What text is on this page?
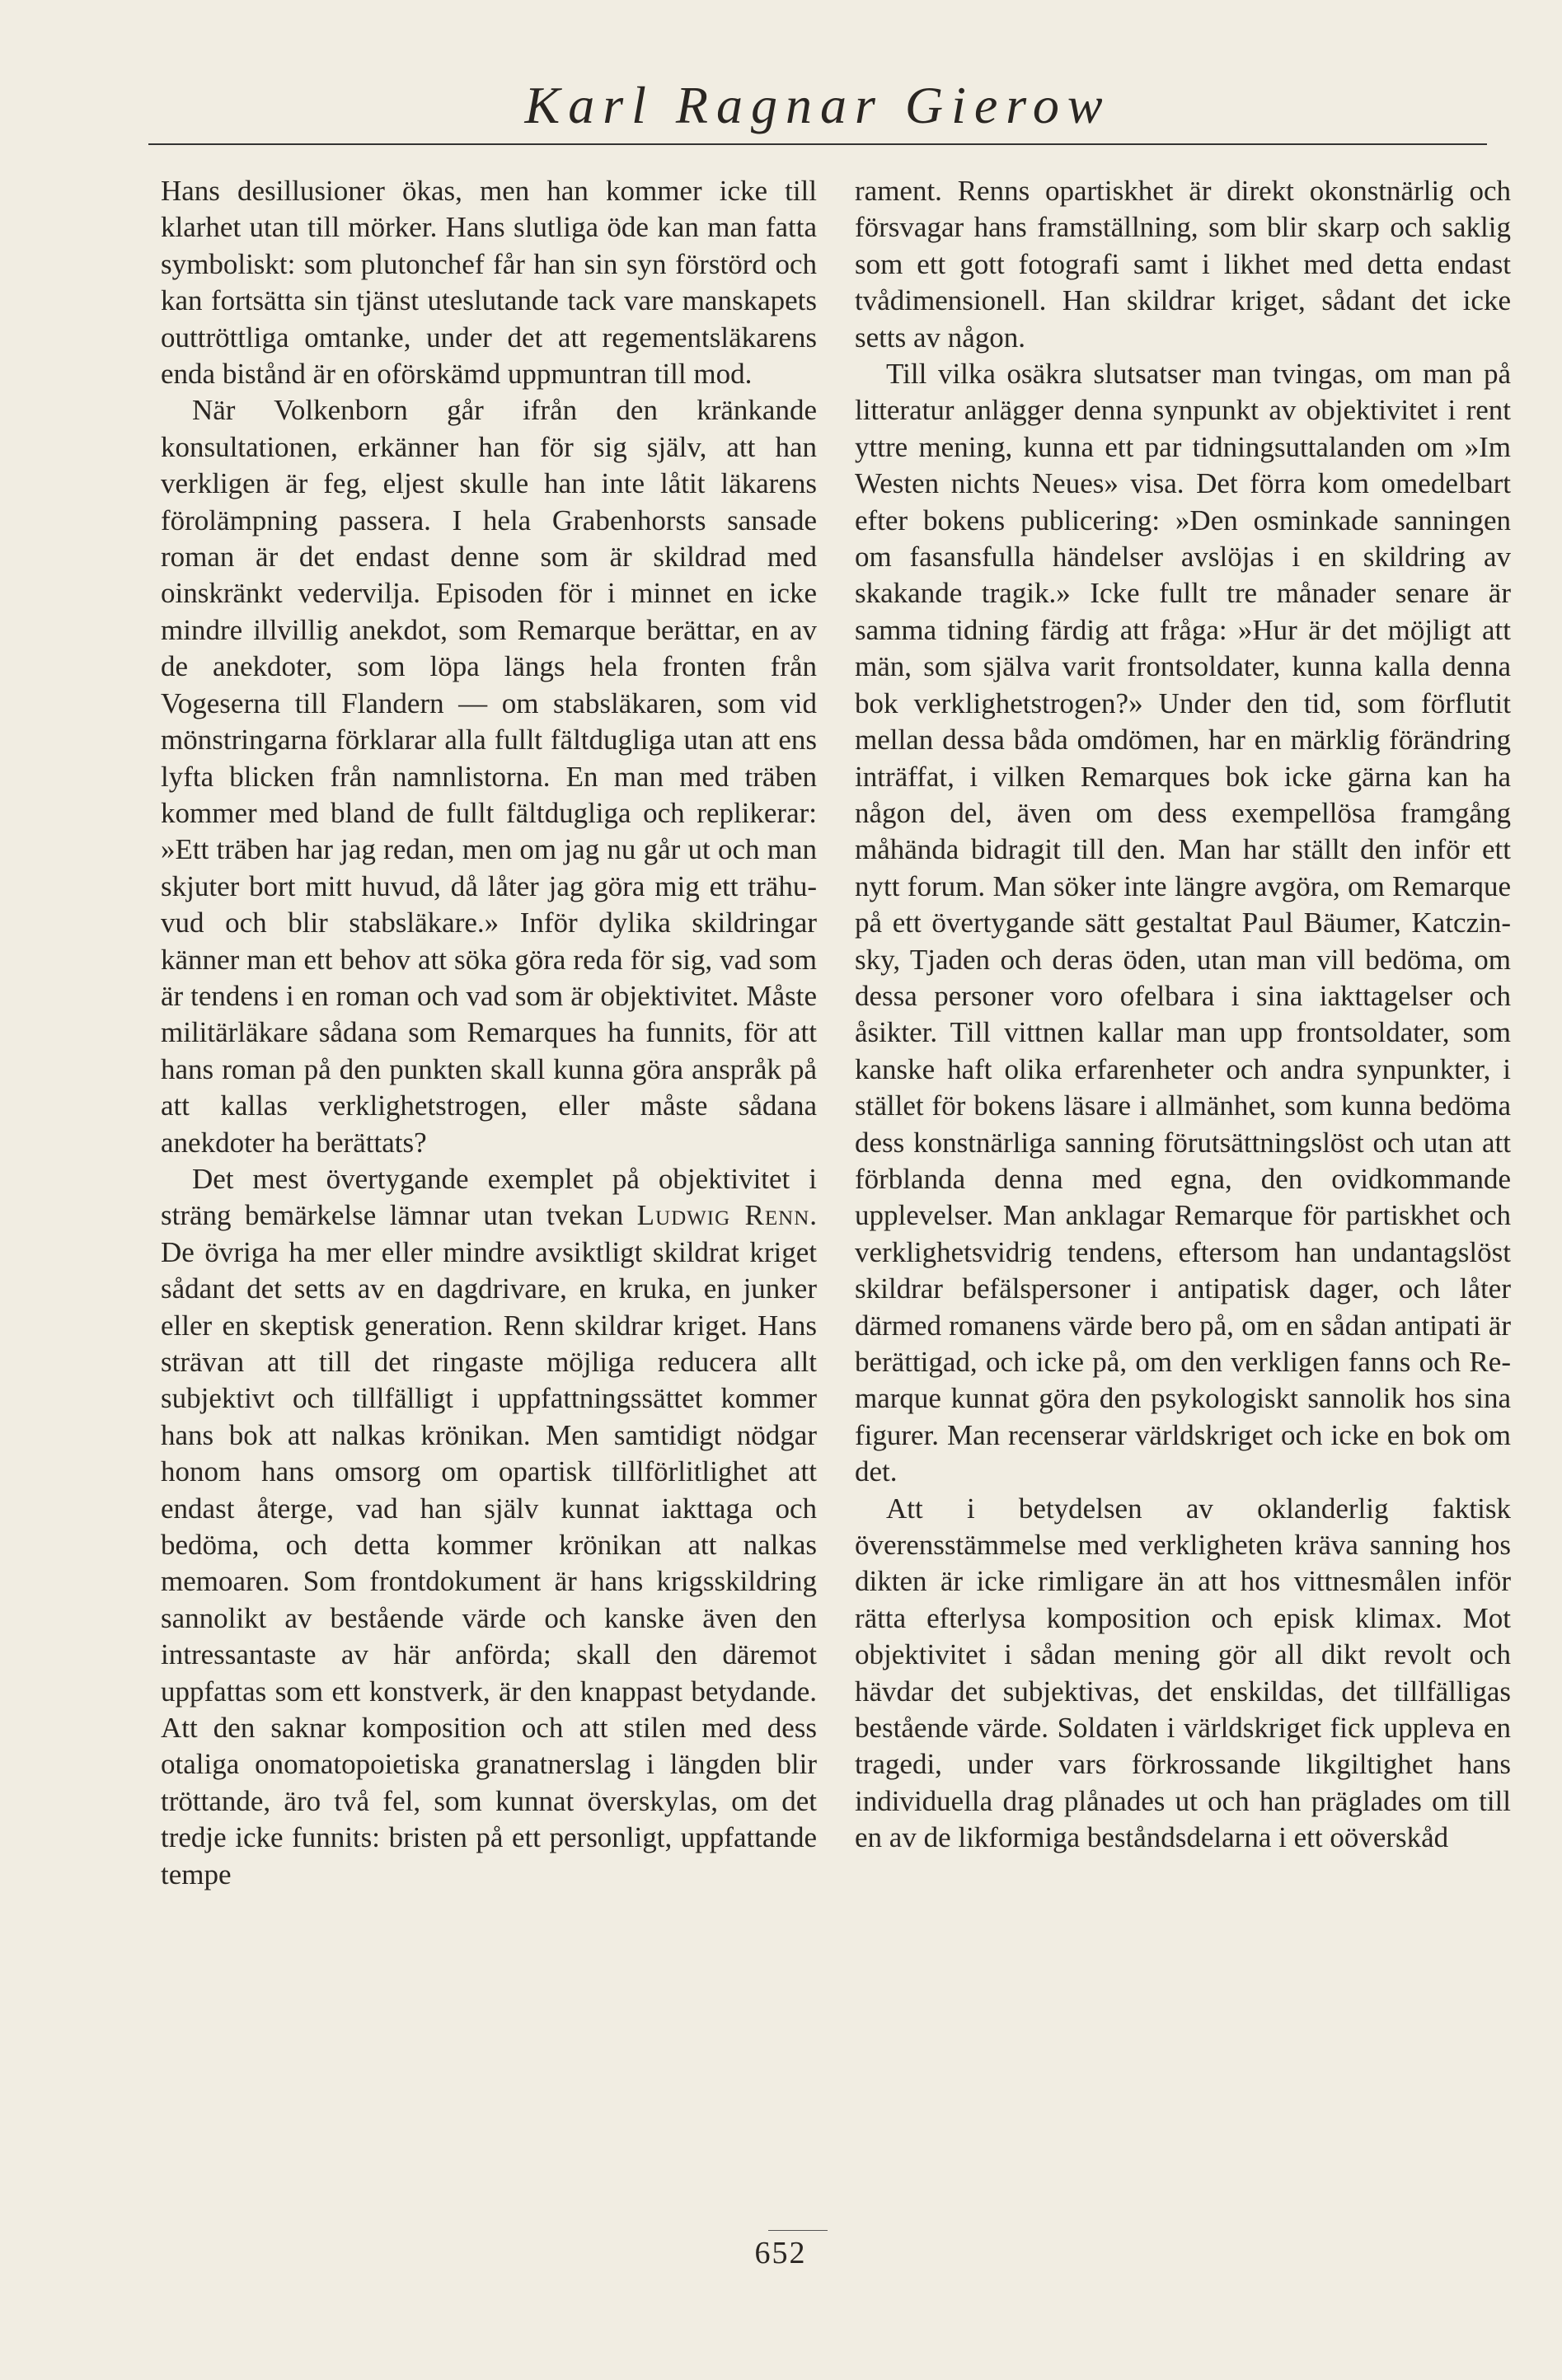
Karl Ragnar Gierow

Hans desillusioner ökas, men han kommer icke till klarhet utan till mörker. Hans slutliga öde kan man fatta symboliskt: som plutonchef får han sin syn förstörd och kan fortsätta sin tjänst uteslutande tack vare manskapets outtröttliga omtanke, under det att regementsläkarens enda bistånd är en oförskämd uppmuntran till mod.

När Volkenborn går ifrån den kränkande konsultationen, erkänner han för sig själv, att han verkligen är feg, eljest skulle han inte låtit läkarens förolämpning passera. I hela Grabenhorsts sansade roman är det endast denne som är skildrad med oinskränkt vedervilja. Episoden för i minnet en icke mindre illvillig anekdot, som Remarque berättar, en av de anekdoter, som löpa längs hela fronten från Vogeserna till Flandern — om stabsläkaren, som vid mönstringarna förklarar alla fullt fältdugliga utan att ens lyfta blicken från namnlistorna. En man med träben kommer med bland de fullt fältdugliga och replikerar: »Ett träben har jag redan, men om jag nu går ut och man skjuter bort mitt huvud, då låter jag göra mig ett trähuvud och blir stabsläkare.» Inför dylika skildringar känner man ett behov att söka göra reda för sig, vad som är tendens i en roman och vad som är objektivitet. Måste militärläkare sådana som Remarques ha funnits, för att hans roman på den punkten skall kunna göra anspråk på att kallas verklighetstrogen, eller måste sådana anekdoter ha berättats?

Det mest övertygande exemplet på objektivitet i sträng bemärkelse lämnar utan tvekan Ludwig Renn. De övriga ha mer eller mindre avsiktligt skildrat kriget sådant det setts av en dagdrivare, en kruka, en junker eller en skeptisk generation. Renn skildrar kriget. Hans strävan att till det ringaste möjliga reducera allt subjektivt och tillfälligt i uppfattningssättet kommer hans bok att nalkas krönikan. Men samtidigt nödgar honom hans omsorg om opartisk tillförlitlighet att endast återge, vad han själv kunnat iakttaga och bedöma, och detta kommer krönikan att nalkas memoaren. Som frontdokument är hans krigsskildring sannolikt av bestående värde och kanske även den intressantaste av här anförda; skall den däremot uppfattas som ett konstverk, är den knappast betydande. Att den saknar komposition och att stilen med dess otaliga onomatopoietiska granatnerslag i längden blir tröttande, äro två fel, som kunnat överskylas, om det tredje icke funnits: bristen på ett personligt, uppfattande tempe

rament. Renns opartiskhet är direkt okonstnärlig och försvagar hans framställning, som blir skarp och saklig som ett gott fotografi samt i likhet med detta endast tvådimensionell. Han skildrar kriget, sådant det icke setts av någon.

Till vilka osäkra slutsatser man tvingas, om man på litteratur anlägger denna synpunkt av objektivitet i rent yttre mening, kunna ett par tidningsuttalanden om »Im Westen nichts Neues» visa. Det förra kom omedelbart efter bokens publicering: »Den osminkade sanningen om fasansfulla händelser avslöjas i en skildring av skakande tragik.» Icke fullt tre månader senare är samma tidning färdig att fråga: »Hur är det möjligt att män, som själva varit frontsoldater, kunna kalla denna bok verklighetstrogen?» Under den tid, som förflutit mellan dessa båda omdömen, har en märklig förändring inträffat, i vilken Remarques bok icke gärna kan ha någon del, även om dess exempellösa framgång måhända bidragit till den. Man har ställt den inför ett nytt forum. Man söker inte längre avgöra, om Remarque på ett övertygande sätt gestaltat Paul Bäumer, Katczinsky, Tjaden och deras öden, utan man vill bedöma, om dessa personer voro ofelbara i sina iakttagelser och åsikter. Till vittnen kallar man upp frontsoldater, som kanske haft olika erfarenheter och andra synpunkter, i stället för bokens läsare i allmänhet, som kunna bedöma dess konstnärliga sanning förutsättningslöst och utan att förblanda denna med egna, den ovidkommande upplevelser. Man anklagar Remarque för partiskhet och verklighetsvidrig tendens, eftersom han undantagslöst skildrar befälspersoner i antipatisk dager, och låter därmed romanens värde bero på, om en sådan antipati är berättigad, och icke på, om den verkligen fanns och Remarque kunnat göra den psykologiskt sannolik hos sina figurer. Man recenserar världskriget och icke en bok om det.

Att i betydelsen av oklanderlig faktisk överensstämmelse med verkligheten kräva sanning hos dikten är icke rimligare än att hos vittnesmålen inför rätta efterlysa komposition och episk klimax. Mot objektivitet i sådan mening gör all dikt revolt och hävdar det subjektivas, det enskildas, det tillfälligas bestående värde. Soldaten i världskriget fick uppleva en tragedi, under vars förkrossande likgiltighet hans individuella drag plånades ut och han präglades om till en av de likformiga beståndsdelarna i ett oöverskåd

652
